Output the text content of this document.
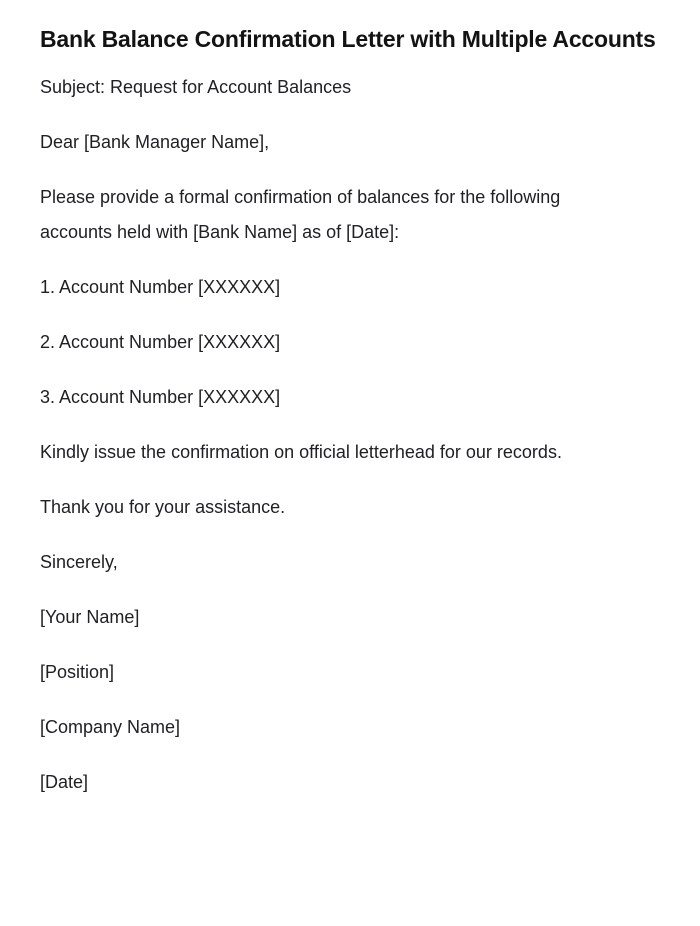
Bank Balance Confirmation Letter with Multiple Accounts

Subject: Request for Account Balances

Dear [Bank Manager Name],

Please provide a formal confirmation of balances for the following accounts held with [Bank Name] as of [Date]:

1. Account Number [XXXXXX]

2. Account Number [XXXXXX]

3. Account Number [XXXXXX]

Kindly issue the confirmation on official letterhead for our records.

Thank you for your assistance.

Sincerely,

[Your Name]

[Position]

[Company Name]

[Date]
